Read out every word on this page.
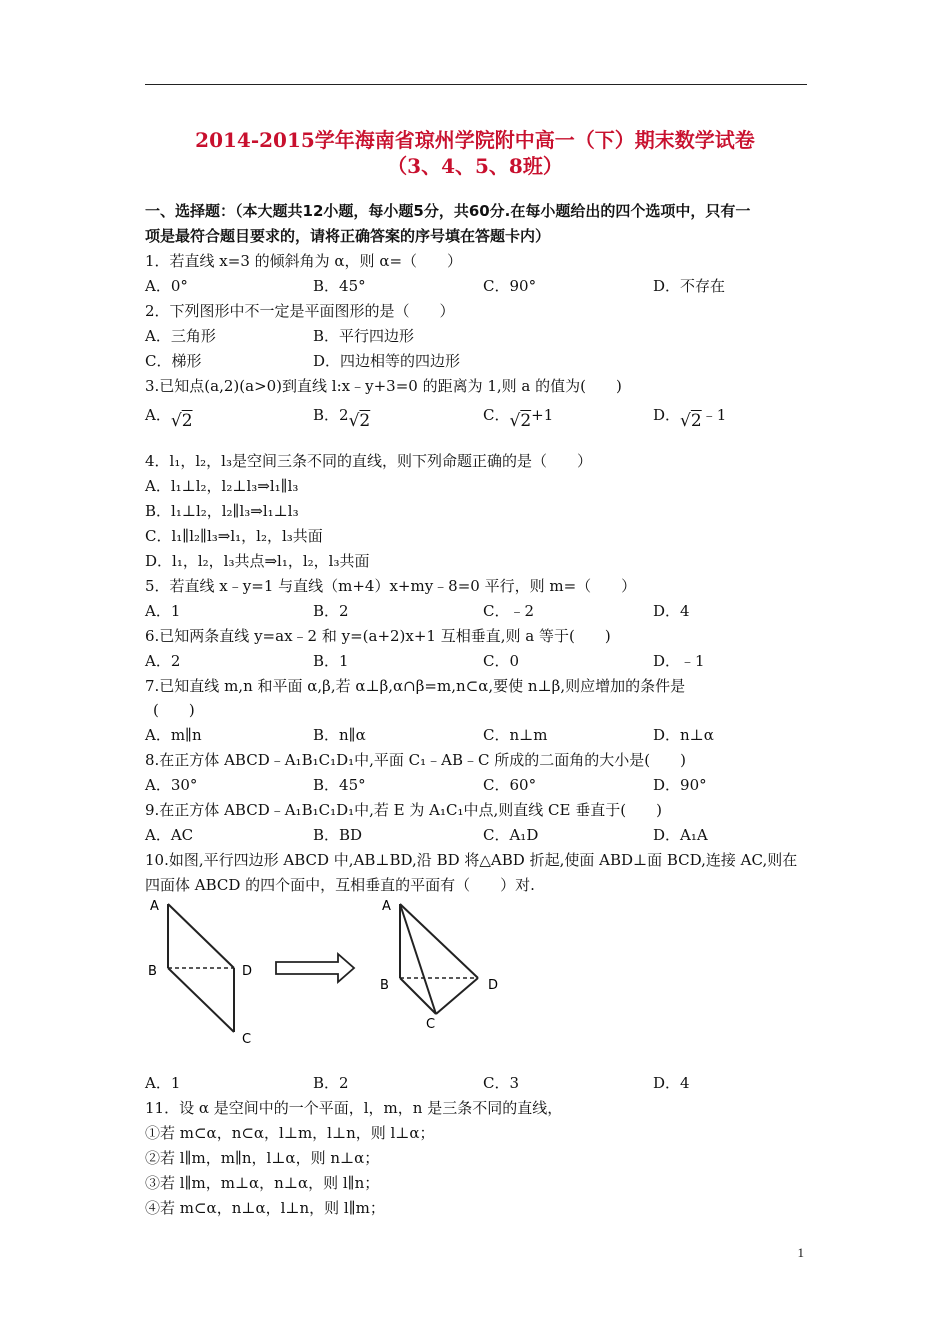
2014-2015学年海南省琼州学院附中高一（下）期末数学试卷
（3、4、5、8班）
一、选择题：（本大题共12小题，每小题5分，共60分.在每小题给出的四个选项中，只有一
项是最符合题目要求的，请将正确答案的序号填在答题卡内）
1．若直线 x=3 的倾斜角为 α，则 α=（　　）
A．0°	B．45°	C．90°	D．不存在
2．下列图形中不一定是平面图形的是（　　）
A．三角形	B．平行四边形
C．梯形	D．四边相等的四边形
3.已知点(a,2)(a>0)到直线 l:x﹣y+3=0 的距离为 1,则 a 的值为(　　)
A．√2	B．2√2	C．√2+1	D．√2﹣1
4．l₁，l₂，l₃是空间三条不同的直线，则下列命题正确的是（　　）
A．l₁⊥l₂，l₂⊥l₃⇒l₁∥l₃
B．l₁⊥l₂，l₂∥l₃⇒l₁⊥l₃
C．l₁∥l₂∥l₃⇒l₁，l₂，l₃共面
D．l₁，l₂，l₃共点⇒l₁，l₂，l₃共面
5．若直线 x﹣y=1 与直线（m+4）x+my﹣8=0 平行，则 m=（　　）
A．1	B．2	C．﹣2	D．4
6.已知两条直线 y=ax﹣2 和 y=(a+2)x+1 互相垂直,则 a 等于(　　)
A．2	B．1	C．0	D．﹣1
7.已知直线 m,n 和平面 α,β,若 α⊥β,α∩β=m,n⊂α,要使 n⊥β,则应增加的条件是
(　　)
A．m∥n	B．n∥α	C．n⊥m	D．n⊥α
8.在正方体 ABCD﹣A₁B₁C₁D₁中,平面 C₁﹣AB﹣C 所成的二面角的大小是(　　)
A．30°	B．45°	C．60°	D．90°
9.在正方体 ABCD﹣A₁B₁C₁D₁中,若 E 为 A₁C₁中点,则直线 CE 垂直于(　　)
A．AC	B．BD	C．A₁D	D．A₁A
10.如图,平行四边形 ABCD 中,AB⊥BD,沿 BD 将△ABD 折起,使面 ABD⊥面 BCD,连接 AC,则在
四面体 ABCD 的四个面中，互相垂直的平面有（　　）对.
A
B	D
C
A
B	D
C
A．1	B．2	C．3	D．4
11．设 α 是空间中的一个平面，l，m，n 是三条不同的直线，
①若 m⊂α，n⊂α，l⊥m，l⊥n，则 l⊥α；
②若 l∥m，m∥n，l⊥α，则 n⊥α；
③若 l∥m，m⊥α，n⊥α，则 l∥n；
④若 m⊂α，n⊥α，l⊥n，则 l∥m；
1
